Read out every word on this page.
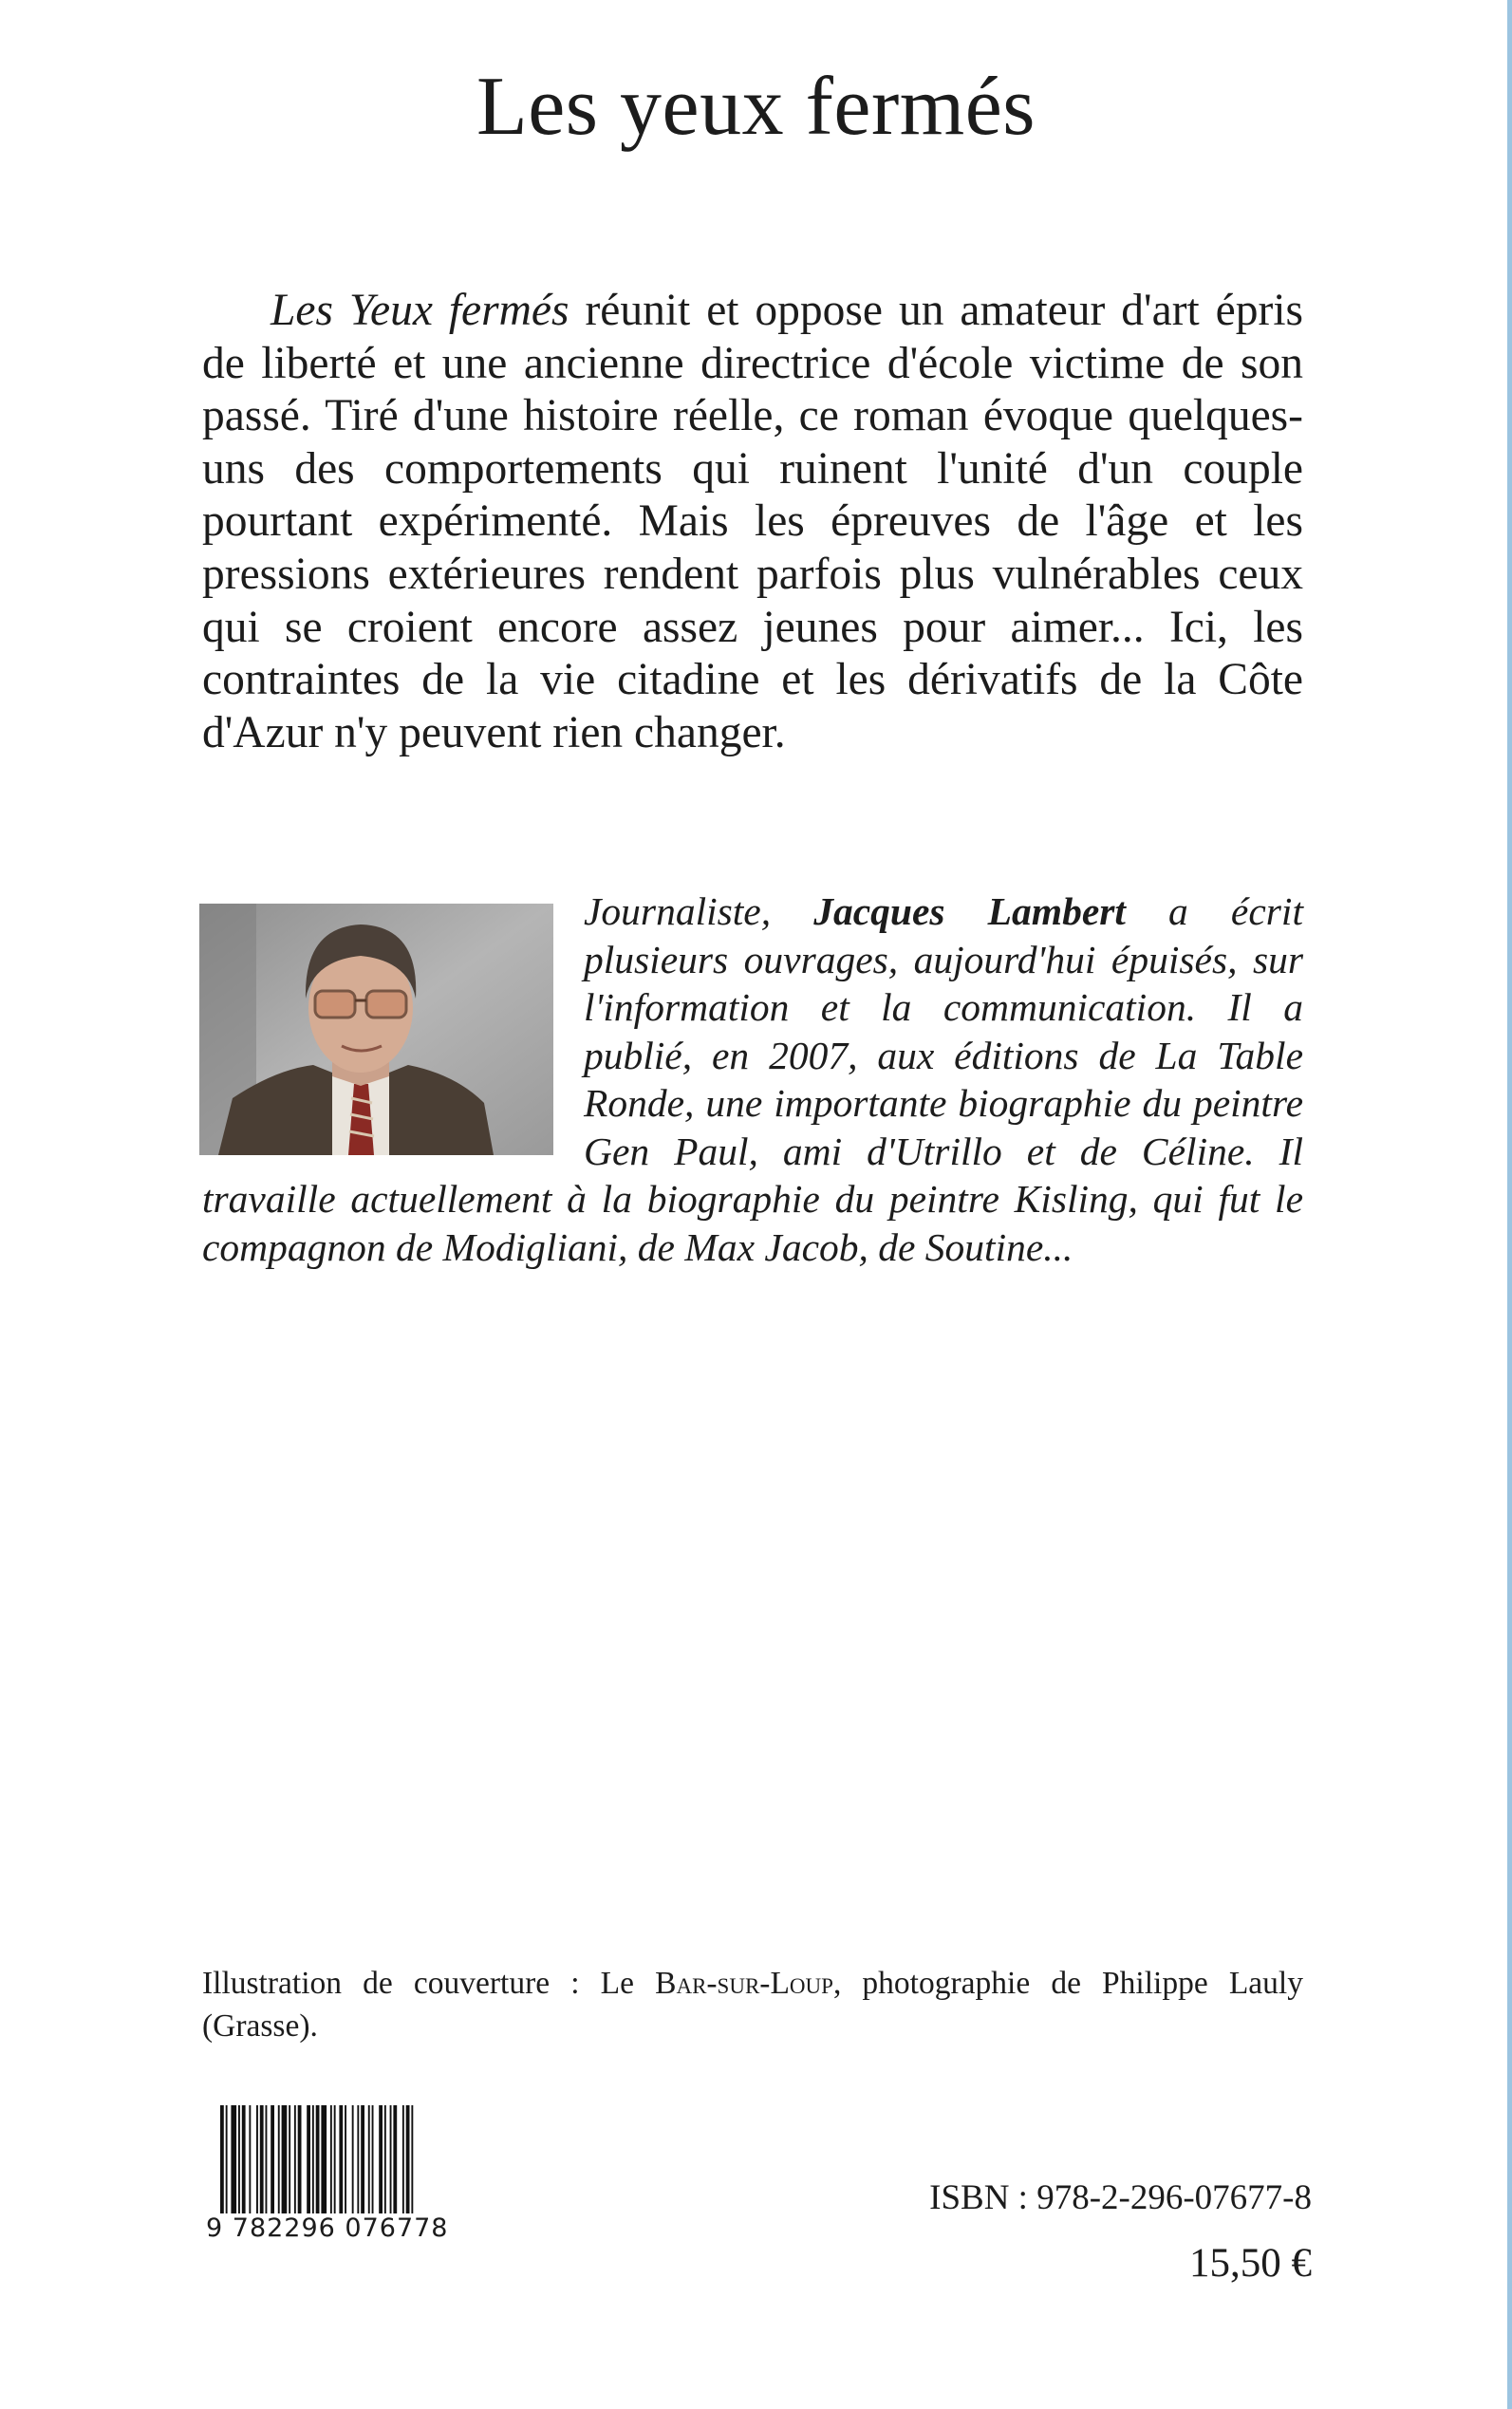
Les yeux fermés

Les Yeux fermés réunit et oppose un amateur d'art épris de liberté et une ancienne directrice d'école victime de son passé. Tiré d'une histoire réelle, ce roman évoque quelques-uns des comportements qui ruinent l'unité d'un couple pourtant expérimenté. Mais les épreuves de l'âge et les pressions extérieures rendent parfois plus vulnérables ceux qui se croient encore assez jeunes pour aimer... Ici, les contraintes de la vie citadine et les dérivatifs de la Côte d'Azur n'y peuvent rien changer.

Journaliste, Jacques Lambert a écrit plusieurs ouvrages, aujourd'hui épuisés, sur l'information et la communication. Il a publié, en 2007, aux éditions de La Table Ronde, une importante biographie du peintre Gen Paul, ami d'Utrillo et de Céline. Il travaille actuellement à la biographie du peintre Kisling, qui fut le compagnon de Modigliani, de Max Jacob, de Soutine...

Illustration de couverture : Le Bar-sur-Loup, photographie de Philippe Lauly (Grasse).

9 782296 076778

ISBN : 978-2-296-07677-8

15,50 €
